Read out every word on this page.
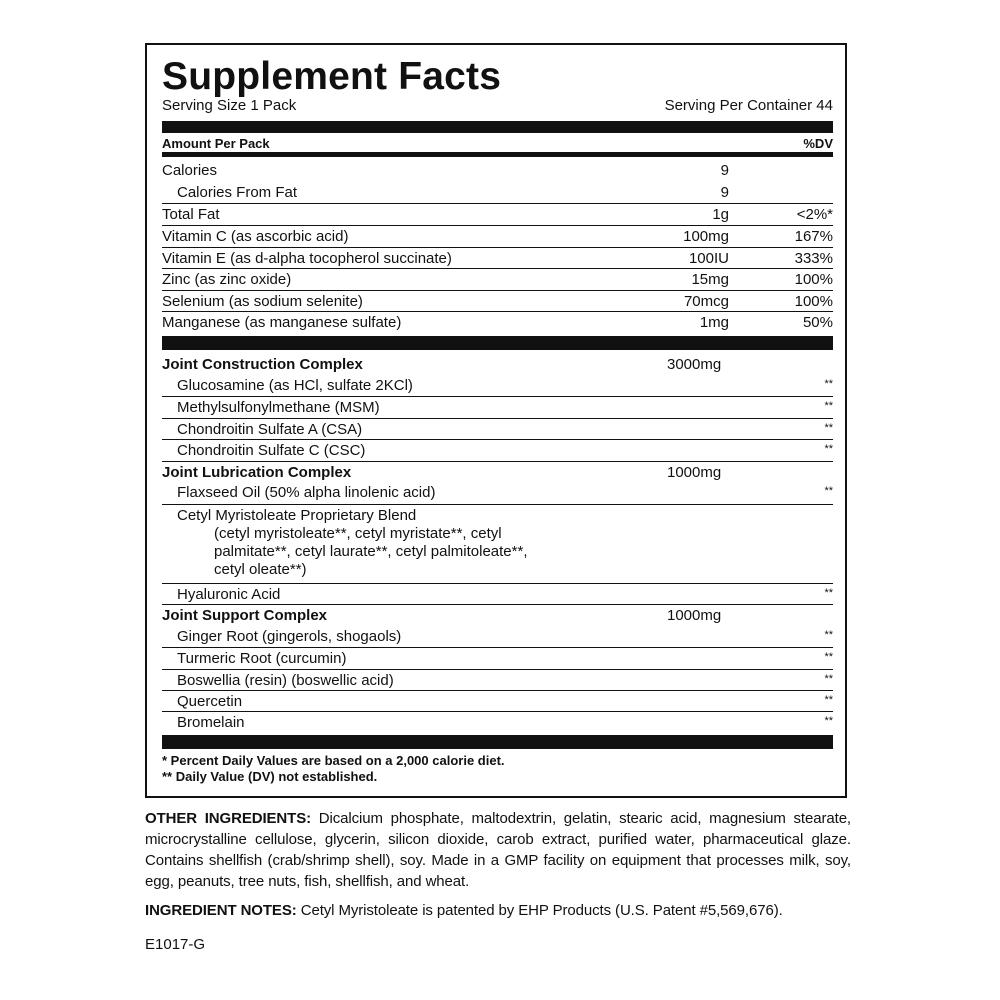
Supplement Facts
Serving Size 1 Pack	Serving Per Container 44
Amount Per Pack	%DV
Calories	9
Calories From Fat	9
Total Fat	1g	<2%*
Vitamin C (as ascorbic acid)	100mg	167%
Vitamin E (as d-alpha tocopherol succinate)	100IU	333%
Zinc (as zinc oxide)	15mg	100%
Selenium (as sodium selenite)	70mcg	100%
Manganese (as manganese sulfate)	1mg	50%
Joint Construction Complex	3000mg
Glucosamine (as HCl, sulfate 2KCl)	**
Methylsulfonylmethane (MSM)	**
Chondroitin Sulfate A (CSA)	**
Chondroitin Sulfate C (CSC)	**
Joint Lubrication Complex	1000mg
Flaxseed Oil (50% alpha linolenic acid)	**
Cetyl Myristoleate Proprietary Blend
(cetyl myristoleate**, cetyl myristate**, cetyl
palmitate**, cetyl laurate**, cetyl palmitoleate**,
cetyl oleate**)
Hyaluronic Acid	**
Joint Support Complex	1000mg
Ginger Root (gingerols, shogaols)	**
Turmeric Root (curcumin)	**
Boswellia (resin) (boswellic acid)	**
Quercetin	**
Bromelain	**
* Percent Daily Values are based on a 2,000 calorie diet.
** Daily Value (DV) not established.
OTHER INGREDIENTS: Dicalcium phosphate, maltodextrin, gelatin, stearic acid, magnesium stearate, microcrystalline cellulose, glycerin, silicon dioxide, carob extract, purified water, pharmaceutical glaze. Contains shellfish (crab/shrimp shell), soy. Made in a GMP facility on equipment that processes milk, soy, egg, peanuts, tree nuts, fish, shellfish, and wheat.
INGREDIENT NOTES: Cetyl Myristoleate is patented by EHP Products (U.S. Patent #5,569,676).
E1017-G
